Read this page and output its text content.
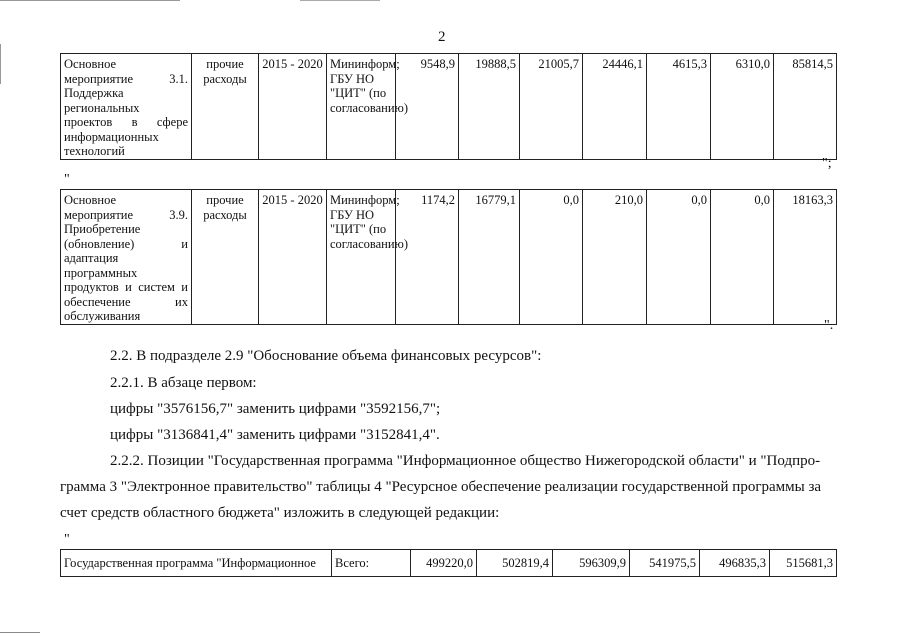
2
Основное мероприятие 3.1. Поддержка региональных проектов в сфере информационных технологий	прочие расходы	2015 - 2020	Мининформ; ГБУ НО "ЦИТ" (по согласованию)	9548,9	19888,5	21005,7	24446,1	4615,3	6310,0	85814,5
";
"
Основное мероприятие 3.9. Приобретение (обновление) и адаптация программных продуктов и систем и обеспечение их обслуживания	прочие расходы	2015 - 2020	Мининформ; ГБУ НО "ЦИТ" (по согласованию)	1174,2	16779,1	0,0	210,0	0,0	0,0	18163,3
".
2.2. В подразделе 2.9 "Обоснование объема финансовых ресурсов":
2.2.1. В абзаце первом:
цифры "3576156,7" заменить цифрами "3592156,7";
цифры "3136841,4" заменить цифрами "3152841,4".
2.2.2. Позиции "Государственная программа "Информационное общество Нижегородской области" и "Подпро-
грамма 3 "Электронное правительство" таблицы 4 "Ресурсное обеспечение реализации государственной программы за
счет средств областного бюджета" изложить в следующей редакции:
"
Государственная программа "Информационное	Всего:	499220,0	502819,4	596309,9	541975,5	496835,3	515681,3
